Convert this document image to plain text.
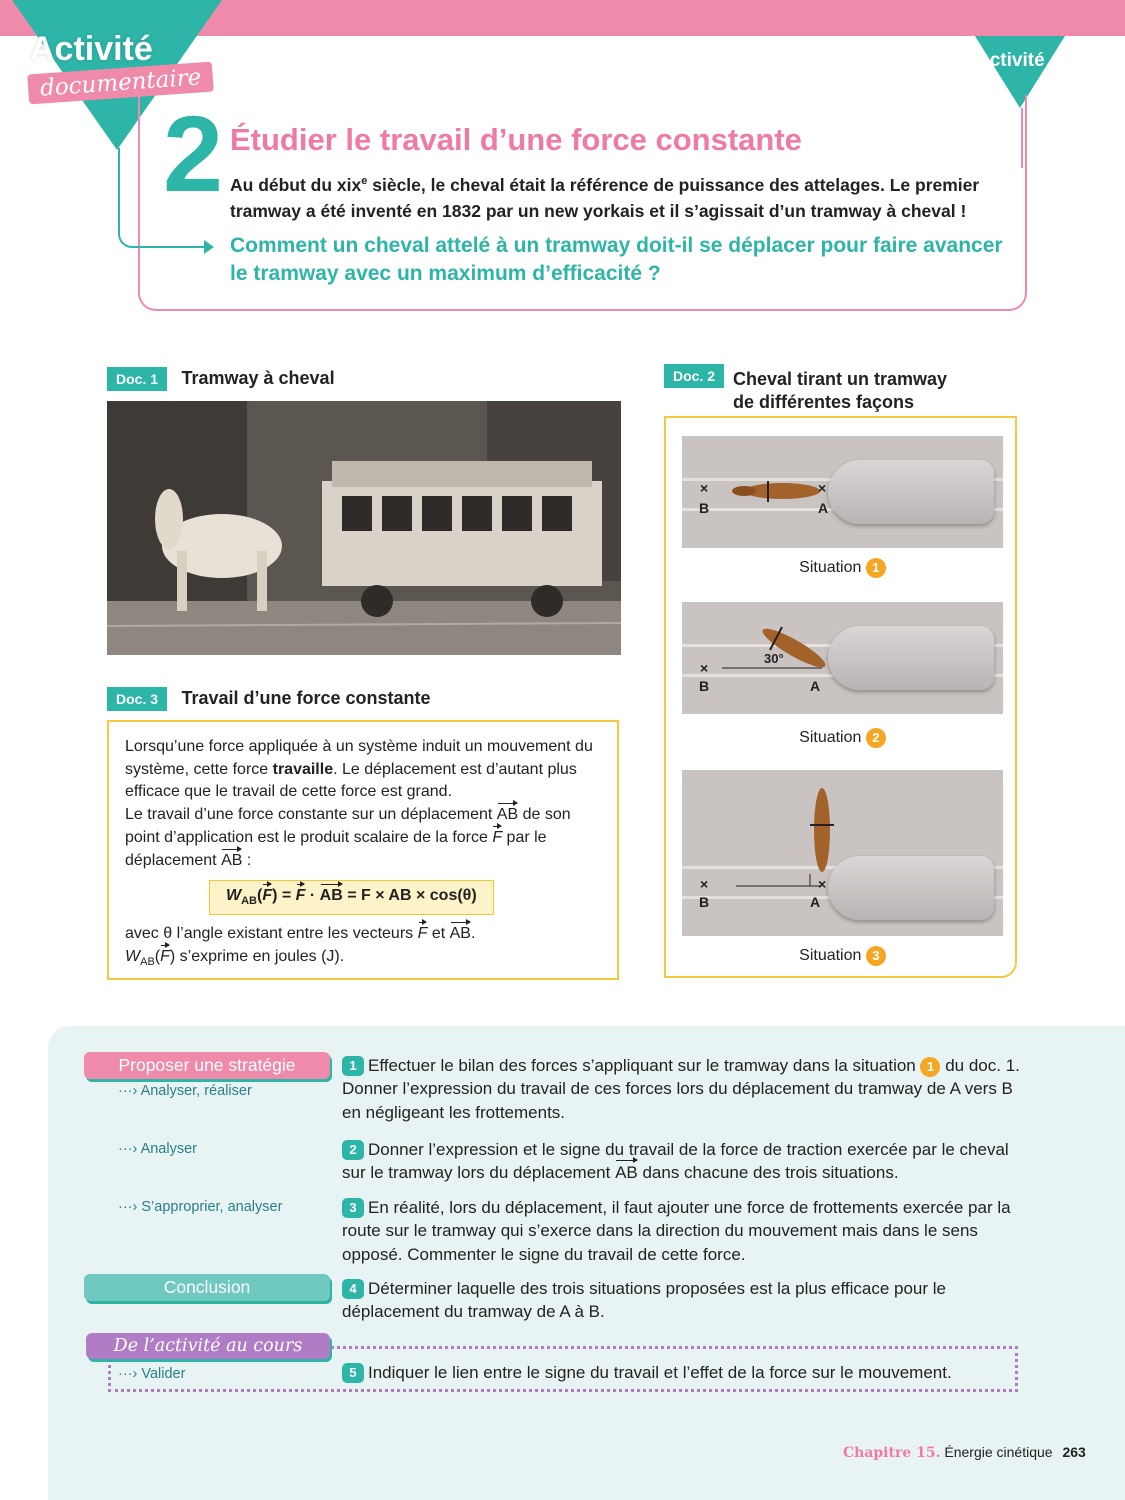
Activité
documentaire
Activité
2 Étudier le travail d’une force constante
Au début du xix$^e$ siècle, le cheval était la référence de puissance des attelages. Le premier tramway a été inventé en 1832 par un new yorkais et il s’agissait d’un tramway à cheval !
Comment un cheval attelé à un tramway doit-il se déplacer pour faire avancer le tramway avec un maximum d’efficacité ?
Doc. 1 Tramway à cheval
Doc. 3 Travail d’une force constante
Lorsqu’une force appliquée à un système induit un mouvement du système, cette force travaille. Le déplacement est d’autant plus efficace que le travail de cette force est grand.
Le travail d’une force constante sur un déplacement AB de son point d’application est le produit scalaire de la force F par le déplacement AB :
$W_{AB}(F) = F$ · AB = F × AB × cos(θ)
avec θ l’angle existant entre les vecteurs F et AB.
$W_{AB}(F)$ s’exprime en joules (J).
Doc. 2 Cheval tirant un tramway
de différentes façons
×
B
×
A
Situation 1
30°
×
B	A
Situation 2
×
B
×
A
Situation 3
Proposer une stratégie
···› Analyser, réaliser
···› Analyser
···› S’approprier, analyser
Conclusion
De l’activité au cours
···› Valider
1 Effectuer le bilan des forces s’appliquant sur le tramway dans la situation 1 du doc. 1. Donner l’expression du travail de ces forces lors du déplacement du tramway de A vers B en négligeant les frottements.
2 Donner l’expression et le signe du travail de la force de traction exercée par le cheval sur le tramway lors du déplacement AB dans chacune des trois situations.
3 En réalité, lors du déplacement, il faut ajouter une force de frottements exercée par la route sur le tramway qui s’exerce dans la direction du mouvement mais dans le sens opposé. Commenter le signe du travail de cette force.
4 Déterminer laquelle des trois situations proposées est la plus efficace pour le déplacement du tramway de A à B.
5 Indiquer le lien entre le signe du travail et l’effet de la force sur le mouvement.
Chapitre 15. Énergie cinétique 263
